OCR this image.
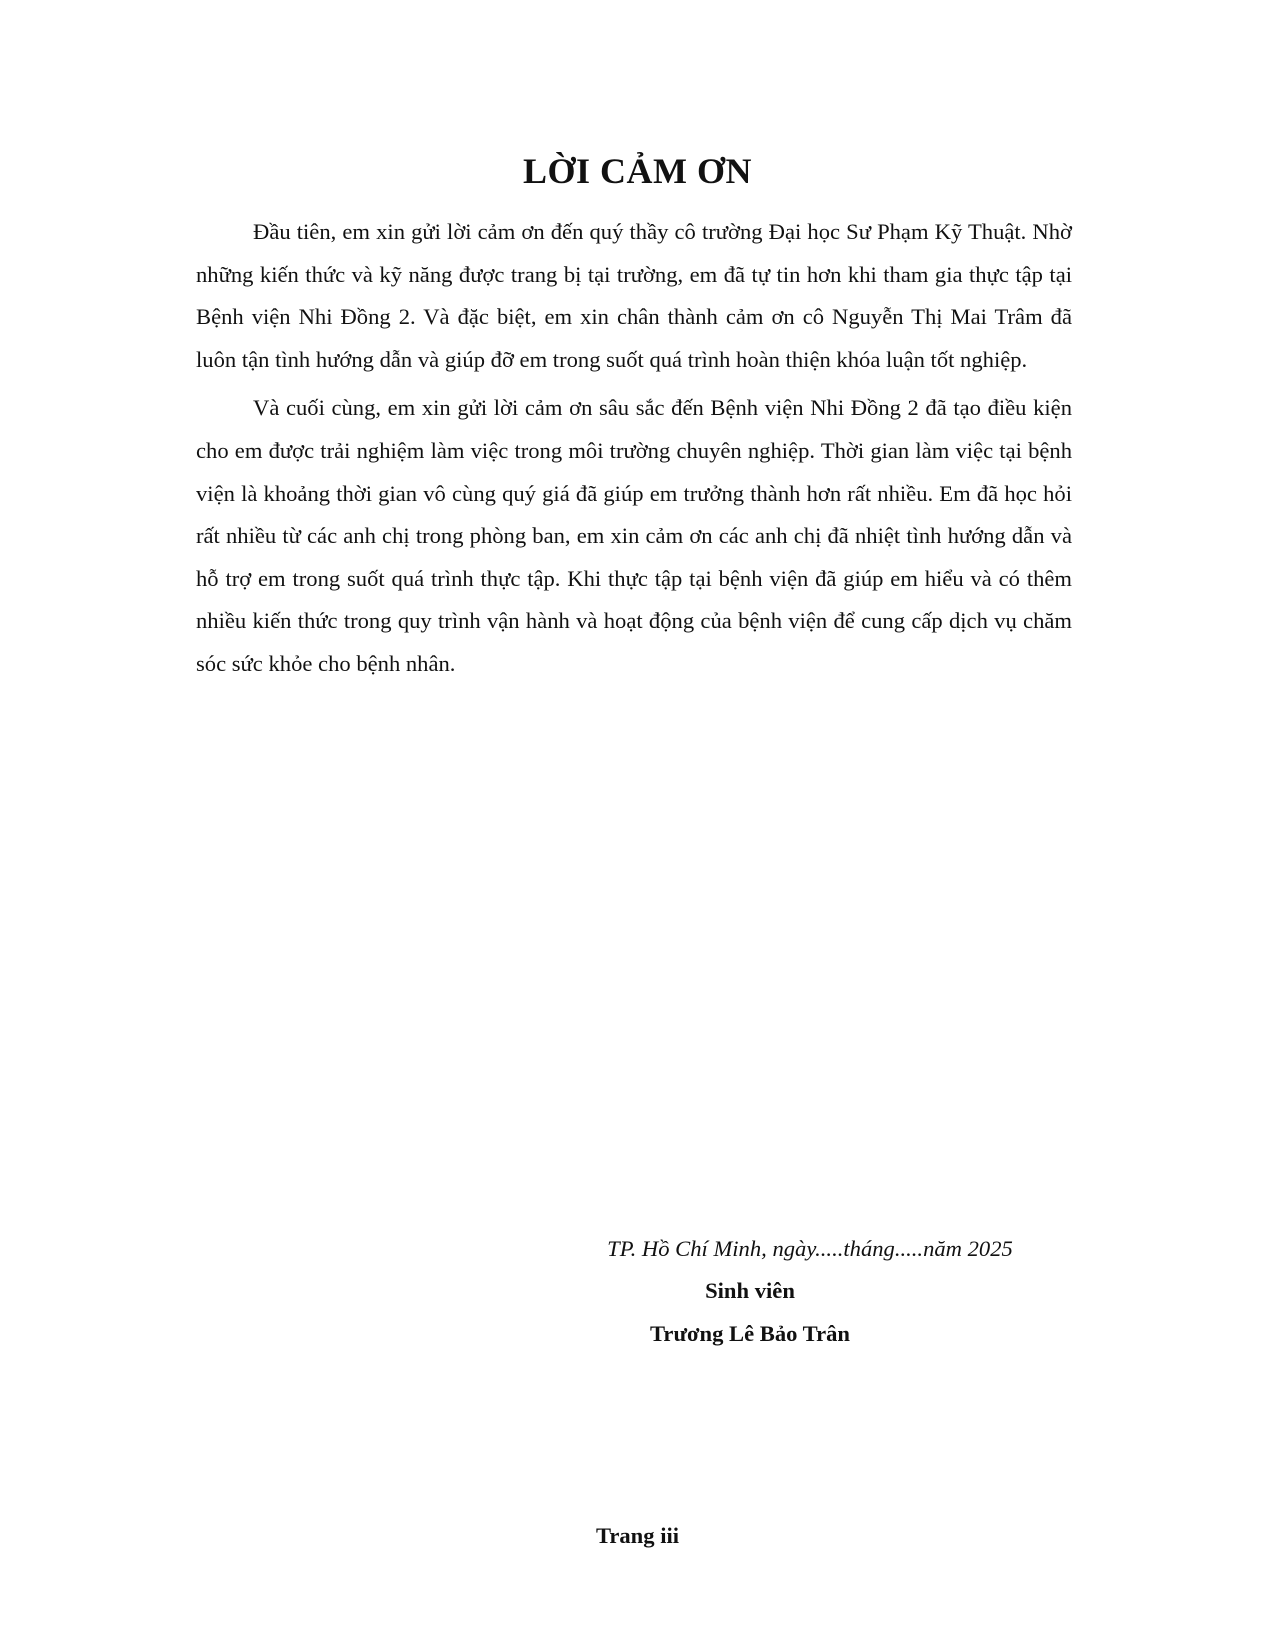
LỜI CẢM ƠN

Đầu tiên, em xin gửi lời cảm ơn đến quý thầy cô trường Đại học Sư Phạm Kỹ Thuật. Nhờ những kiến thức và kỹ năng được trang bị tại trường, em đã tự tin hơn khi tham gia thực tập tại Bệnh viện Nhi Đồng 2. Và đặc biệt, em xin chân thành cảm ơn cô Nguyễn Thị Mai Trâm đã luôn tận tình hướng dẫn và giúp đỡ em trong suốt quá trình hoàn thiện khóa luận tốt nghiệp.

Và cuối cùng, em xin gửi lời cảm ơn sâu sắc đến Bệnh viện Nhi Đồng 2 đã tạo điều kiện cho em được trải nghiệm làm việc trong môi trường chuyên nghiệp. Thời gian làm việc tại bệnh viện là khoảng thời gian vô cùng quý giá đã giúp em trưởng thành hơn rất nhiều. Em đã học hỏi rất nhiều từ các anh chị trong phòng ban, em xin cảm ơn các anh chị đã nhiệt tình hướng dẫn và hỗ trợ em trong suốt quá trình thực tập. Khi thực tập tại bệnh viện đã giúp em hiểu và có thêm nhiều kiến thức trong quy trình vận hành và hoạt động của bệnh viện để cung cấp dịch vụ chăm sóc sức khỏe cho bệnh nhân.

TP. Hồ Chí Minh, ngày.....tháng.....năm 2025
Sinh viên
Trương Lê Bảo Trân
Trang iii
